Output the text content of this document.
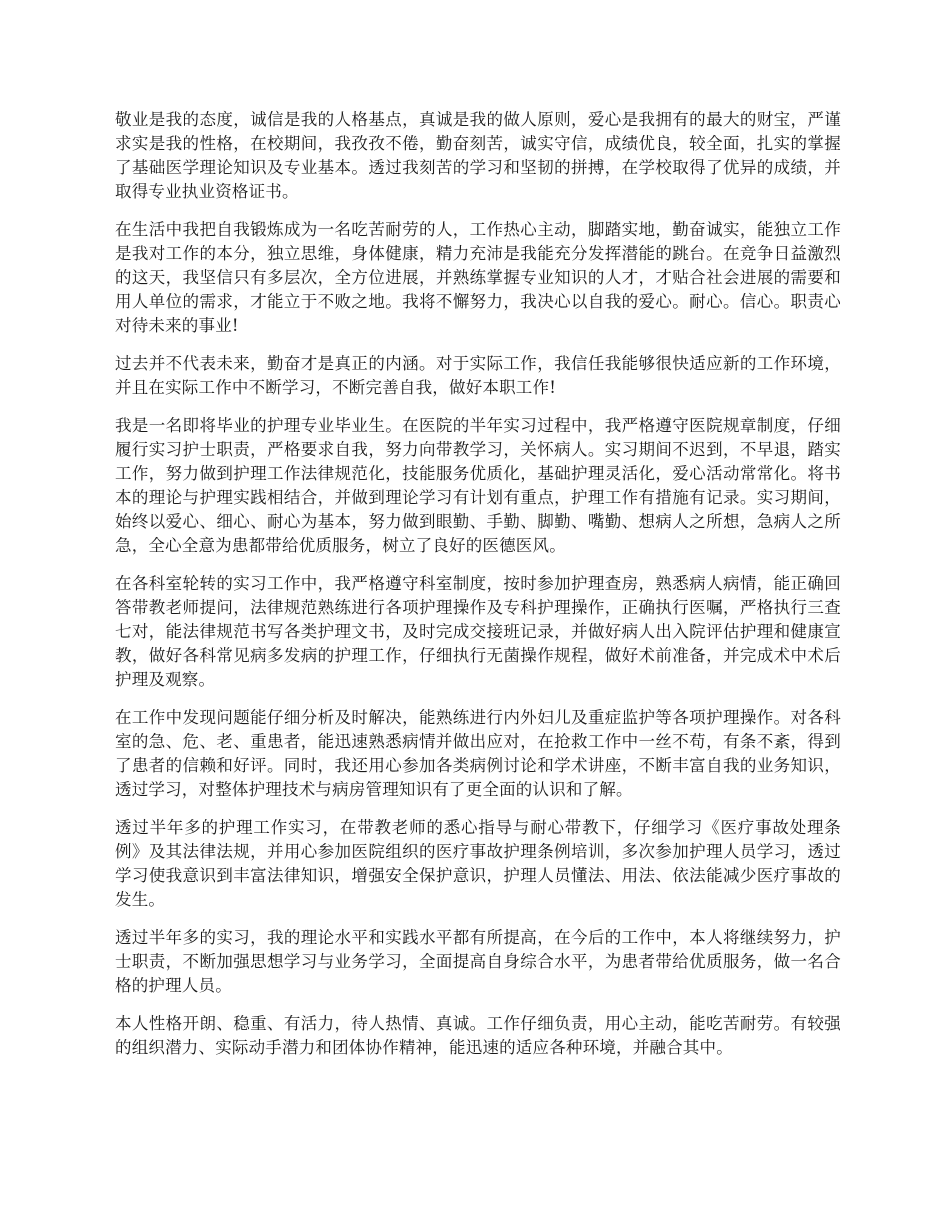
敬业是我的态度，诚信是我的人格基点，真诚是我的做人原则，爱心是我拥有的最大的财宝，严谨求实是我的性格，在校期间，我孜孜不倦，勤奋刻苦，诚实守信，成绩优良，较全面，扎实的掌握了基础医学理论知识及专业基本。透过我刻苦的学习和坚韧的拼搏，在学校取得了优异的成绩，并取得专业执业资格证书。

在生活中我把自我锻炼成为一名吃苦耐劳的人，工作热心主动，脚踏实地，勤奋诚实，能独立工作是我对工作的本分，独立思维，身体健康，精力充沛是我能充分发挥潜能的跳台。在竞争日益激烈的这天，我坚信只有多层次，全方位进展，并熟练掌握专业知识的人才，才贴合社会进展的需要和用人单位的需求，才能立于不败之地。我将不懈努力，我决心以自我的爱心。耐心。信心。职责心对待未来的事业!

过去并不代表未来，勤奋才是真正的内涵。对于实际工作，我信任我能够很快适应新的工作环境，并且在实际工作中不断学习，不断完善自我，做好本职工作!

我是一名即将毕业的护理专业毕业生。在医院的半年实习过程中，我严格遵守医院规章制度，仔细履行实习护士职责，严格要求自我，努力向带教学习，关怀病人。实习期间不迟到，不早退，踏实工作，努力做到护理工作法律规范化，技能服务优质化，基础护理灵活化，爱心活动常常化。将书本的理论与护理实践相结合，并做到理论学习有计划有重点，护理工作有措施有记录。实习期间，始终以爱心、细心、耐心为基本，努力做到眼勤、手勤、脚勤、嘴勤、想病人之所想，急病人之所急，全心全意为患都带给优质服务，树立了良好的医德医风。

在各科室轮转的实习工作中，我严格遵守科室制度，按时参加护理查房，熟悉病人病情，能正确回答带教老师提问，法律规范熟练进行各项护理操作及专科护理操作，正确执行医嘱，严格执行三查七对，能法律规范书写各类护理文书，及时完成交接班记录，并做好病人出入院评估护理和健康宣教，做好各科常见病多发病的护理工作，仔细执行无菌操作规程，做好术前准备，并完成术中术后护理及观察。

在工作中发现问题能仔细分析及时解决，能熟练进行内外妇儿及重症监护等各项护理操作。对各科室的急、危、老、重患者，能迅速熟悉病情并做出应对，在抢救工作中一丝不苟，有条不紊，得到了患者的信赖和好评。同时，我还用心参加各类病例讨论和学术讲座，不断丰富自我的业务知识，透过学习，对整体护理技术与病房管理知识有了更全面的认识和了解。

透过半年多的护理工作实习，在带教老师的悉心指导与耐心带教下，仔细学习《医疗事故处理条例》及其法律法规，并用心参加医院组织的医疗事故护理条例培训，多次参加护理人员学习，透过学习使我意识到丰富法律知识，增强安全保护意识，护理人员懂法、用法、依法能减少医疗事故的发生。

透过半年多的实习，我的理论水平和实践水平都有所提高，在今后的工作中，本人将继续努力，护士职责，不断加强思想学习与业务学习，全面提高自身综合水平，为患者带给优质服务，做一名合格的护理人员。

本人性格开朗、稳重、有活力，待人热情、真诚。工作仔细负责，用心主动，能吃苦耐劳。有较强的组织潜力、实际动手潜力和团体协作精神，能迅速的适应各种环境，并融合其中。
